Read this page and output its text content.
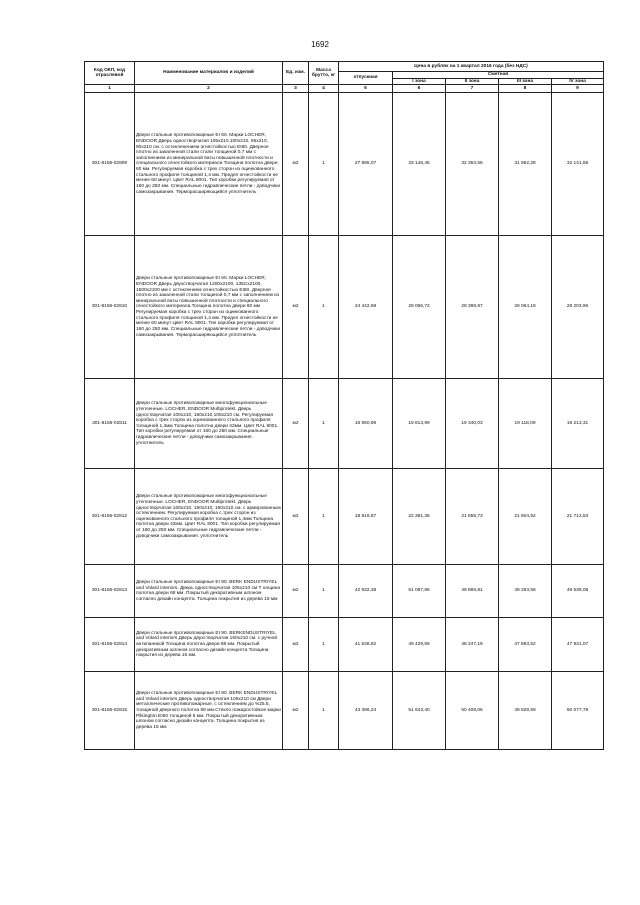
1692
Код ОКП, код отраслевой	Наименование материалов и изделий	Ед. изм.	Масса брутто, кг	Цена в рублях на 1 квартал 2016 года (без НДС)				
				отпускная	Сметная			
					I зона	II зона	III зона	IV зона
1	2	3	4	5	6	7	8	9
301-8156-02809	Двери стальные противопожарные EI 60. Марки LOCHER, ENDOOR Дверь одностворчатая 105х210,100х210, 95х210, 90х210 см. с остекленением огнестойкостью EI60. Дверное плотно из закаленной стали стали толщиной 0,7 мм с заполнением из минеральной ваты повышенной плотности и специального огнестойкого материала Толщина полотна двери 60 мм. Регулируемая коробка с трех сторон из оцинкованного стального профиля толщиной 1,4 мм. Предел огнестойкости не менее 60 минут. Цвет RAL 9001. Тип коробки регулируемая от 160 до 250 мм. Специальные гидравлические петли - доводчики самозакрывания. Терморасширяющийся уплотнитель	м2	1	27 895,07	33 146,45	32 353,56	31 962,28	32 141,56
301-8156-02810	Двери стальные противопожарные EI 60. Марки LOCHER, ENDOOR Дверь двухстворчатая 1200х2100, 135Сх2100, 1500х2100 мм с остеклением огнестойкостью EI60. Дверное плотно из закаленной стали толщиной 0,7 мм с заполнением из минеральной ваты повышенной плотности и специального огнестойкого материала.Толщина полотна двери 60 мм Регулируемая коробка с трех сторон из оцинкованного стального профиля толщиной 1,4 мм. Предел огнестойкости не менее 60 минут Цвет RAL 9001. Тип коробки регулируемая от 160 до 250 мм. Специальные гидравлические петли - доводчики самозакрывания. Терморасширяющийся уплотнитель	м2	1	24 442,58	29 065,72	28 389,97	28 064,18	28 203,96
301-8156-02811	Двери стальные противопожарные многофункциональные утепленные. LOCHER, ENDOOR Multiprotekt. Дверь одностворчатая 100х210, 150х210,105х210 см. Регулируемая коробка с трех сторон из оцинкованного стального профиля толщиной 1,4мм Толщина полотна двери 42мм. Цвет RAL 9001. Тип коробки регулируемая от 160 до 250 мм. Специальные гидравлические петли - доводчики самозакрывания. уплотнитель	м2	1	16 650,96	19 813,99	19 340,03	19 118,09	19 213,31
301-8156-02812	Двери стальные противопожарные многофункциональные утепленные. LOCHER, ENDOOR Multiprotekt. Дверь одностворчатая 100х210, 150х210, 160х210 см. с армированным остеклением. Регулируемая коробка с трех сторон из оцинкованного стального профиля толщиной 1,4мм Толщина полотна двери 42мм. Цвет RAL 9001. Тип коробки регулируемая от 160 до 250 мм. Специальные гидравлические петли - доводчики самозакрывания. уплотнитель	м2	1	18 816,87	22 391,35	21 855,73	21 604,92	21 712,53
301-8156-02813	Двери стальные противопожарные EI 90. BERK ENDUSTRIYEL and Volard interiors. Дверь одностворчатая 105х210 см Т олщина полотна двери 68 мм. Покрытый декоративным шпоном согласно дизайн концепта. Толщина покрытия из дерева 15 мм	м2	1	42 932,38	51 087,86	49 865,81	49 293,56	49 539,08
301-8156-02814	Двери стальные противопожарные EI 90. BERKENDUSTRIYEL and Volard interiors Дверь двухстворчатая 160х210 см. с ручной антипаникой Толщина полотна двери 68 мм. Покрытый декоративным шпоном согласно дизайн концепта Толщина покрытия из дерева 15 мм.	м2	1	41 538,82	49 429,58	48 247,19	47 693,52	47 931,07
301-8156-02815	Двери стальные противопожарные EI 90. BERK ENDUSTRIYEL and Volard interiors Дверь одностворчатая 105х210 см Двери металлические противопожарные, с остеклением до %25.5, толщиной дверного полотна 68 мм.Стекло пожаростойкое марки Pilkington EI60 толщиной 6 мм. Покрытый декоративным шпоном согласно дизайн концепта. Толщина покрытия из дерева 15 мм	м2	1	43 396,24	51 643,40	50 408,06	49 829,59	50 077,78
